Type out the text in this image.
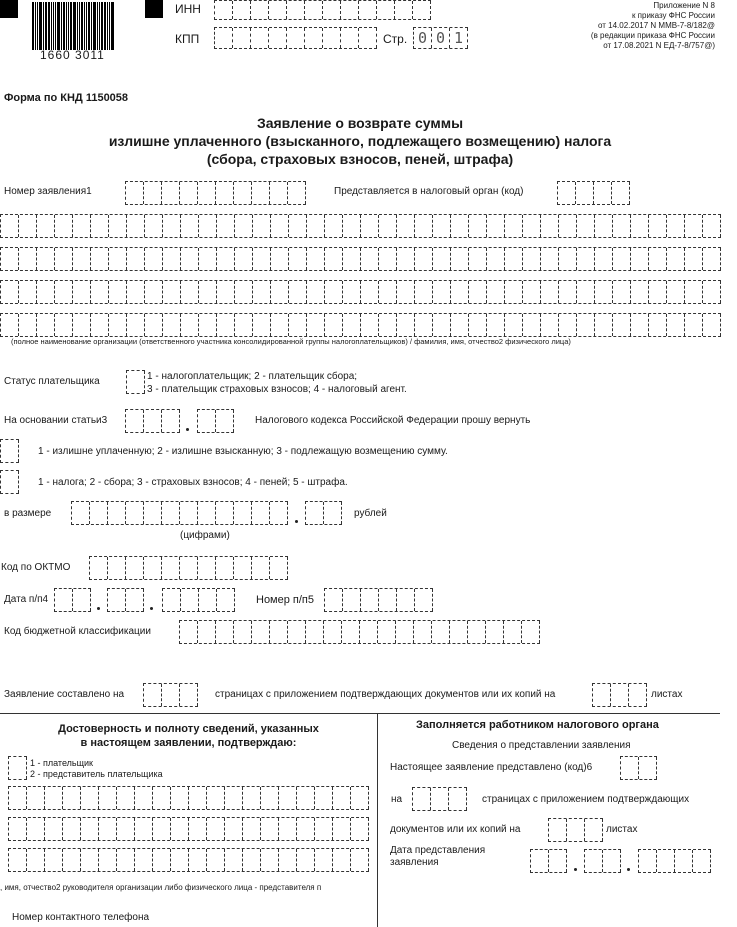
1660 3011
ИНН
КПП	Стр. 0 0 1
Приложение N 8
к приказу ФНС России
от 14.02.2017 N ММВ-7-8/182@
(в редакции приказа ФНС России
от 17.08.2021 N ЕД-7-8/757@)
Форма по КНД 1150058
Заявление о возврате суммы
излишне уплаченного (взысканного, подлежащего возмещению) налога
(сбора, страховых взносов, пеней, штрафа)
Номер заявления1	Представляется в налоговый орган (код)
(полное наименование организации (ответственного участника консолидированной группы налогоплательщиков) / фамилия, имя, отчество2 физического лица)
Статус плательщика	1 - налогоплательщик; 2 - плательщик сбора;
3 - плательщик страховых взносов; 4 - налоговый агент.
На основании статьи3	Налогового кодекса Российской Федерации прошу вернуть
1 - излишне уплаченную; 2 - излишне взысканную; 3 - подлежащую возмещению сумму.
1 - налога; 2 - сбора; 3 - страховых взносов; 4 - пеней; 5 - штрафа.
в размере	рублей
(цифрами)
Код по ОКТМО
Дата п/п4	Номер п/п5
Код бюджетной классификации
Заявление составлено на	страницах с приложением подтверждающих документов или их копий на	листах
Достоверность и полноту сведений, указанных
в настоящем заявлении, подтверждаю:
1 - плательщик
2 - представитель плательщика
, имя, отчество2 руководителя организации либо физического лица - представителя п
Номер контактного телефона
Заполняется работником налогового органа
Сведения о представлении заявления
Настоящее заявление представлено (код)6
на	страницах с приложением подтверждающих
документов или их копий на	листах
Дата представления
заявления
